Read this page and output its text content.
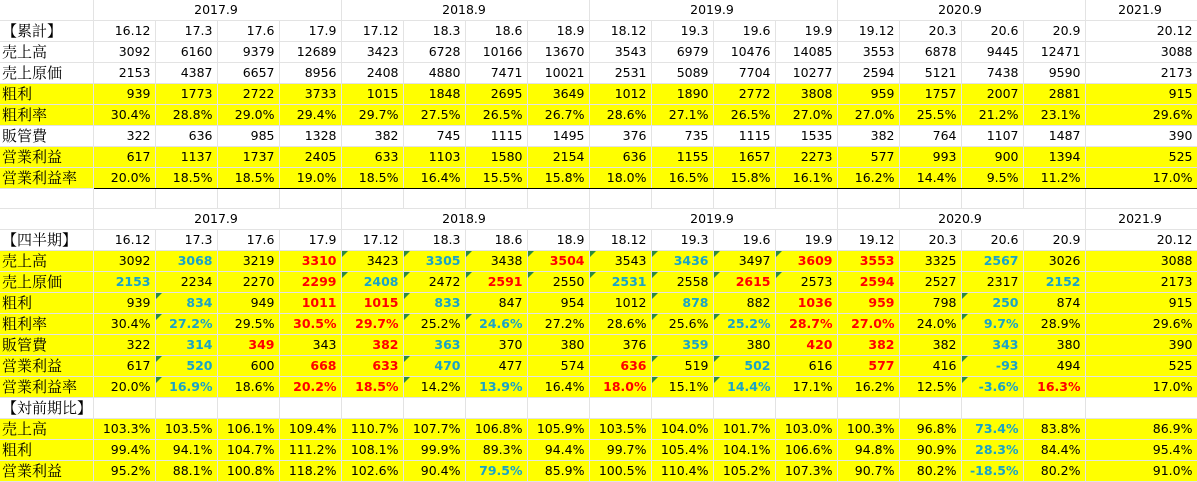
	2017.9				2018.9				2019.9				2020.9				2021.9
【累計】	16.12	17.3	17.6	17.9	17.12	18.3	18.6	18.9	18.12	19.3	19.6	19.9	19.12	20.3	20.6	20.9	20.12
売上高	3092	6160	9379	12689	3423	6728	10166	13670	3543	6979	10476	14085	3553	6878	9445	12471	3088
売上原価	2153	4387	6657	8956	2408	4880	7471	10021	2531	5089	7704	10277	2594	5121	7438	9590	2173
粗利	939	1773	2722	3733	1015	1848	2695	3649	1012	1890	2772	3808	959	1757	2007	2881	915
粗利率	30.4%	28.8%	29.0%	29.4%	29.7%	27.5%	26.5%	26.7%	28.6%	27.1%	26.5%	27.0%	27.0%	25.5%	21.2%	23.1%	29.6%
販管費	322	636	985	1328	382	745	1115	1495	376	735	1115	1535	382	764	1107	1487	390
営業利益	617	1137	1737	2405	633	1103	1580	2154	636	1155	1657	2273	577	993	900	1394	525
営業利益率	20.0%	18.5%	18.5%	19.0%	18.5%	16.4%	15.5%	15.8%	18.0%	16.5%	15.8%	16.1%	16.2%	14.4%	9.5%	11.2%	17.0%

	2017.9				2018.9				2019.9				2020.9				2021.9
【四半期】	16.12	17.3	17.6	17.9	17.12	18.3	18.6	18.9	18.12	19.3	19.6	19.9	19.12	20.3	20.6	20.9	20.12
売上高	3092	3068	3219	3310	3423	3305	3438	3504	3543	3436	3497	3609	3553	3325	2567	3026	3088
売上原価	2153	2234	2270	2299	2408	2472	2591	2550	2531	2558	2615	2573	2594	2527	2317	2152	2173
粗利	939	834	949	1011	1015	833	847	954	1012	878	882	1036	959	798	250	874	915
粗利率	30.4%	27.2%	29.5%	30.5%	29.7%	25.2%	24.6%	27.2%	28.6%	25.6%	25.2%	28.7%	27.0%	24.0%	9.7%	28.9%	29.6%
販管費	322	314	349	343	382	363	370	380	376	359	380	420	382	382	343	380	390
営業利益	617	520	600	668	633	470	477	574	636	519	502	616	577	416	-93	494	525
営業利益率	20.0%	16.9%	18.6%	20.2%	18.5%	14.2%	13.9%	16.4%	18.0%	15.1%	14.4%	17.1%	16.2%	12.5%	-3.6%	16.3%	17.0%
【対前期比】																	
売上高	103.3%	103.5%	106.1%	109.4%	110.7%	107.7%	106.8%	105.9%	103.5%	104.0%	101.7%	103.0%	100.3%	96.8%	73.4%	83.8%	86.9%
粗利	99.4%	94.1%	104.7%	111.2%	108.1%	99.9%	89.3%	94.4%	99.7%	105.4%	104.1%	106.6%	94.8%	90.9%	28.3%	84.4%	95.4%
営業利益	95.2%	88.1%	100.8%	118.2%	102.6%	90.4%	79.5%	85.9%	100.5%	110.4%	105.2%	107.3%	90.7%	80.2%	-18.5%	80.2%	91.0%
